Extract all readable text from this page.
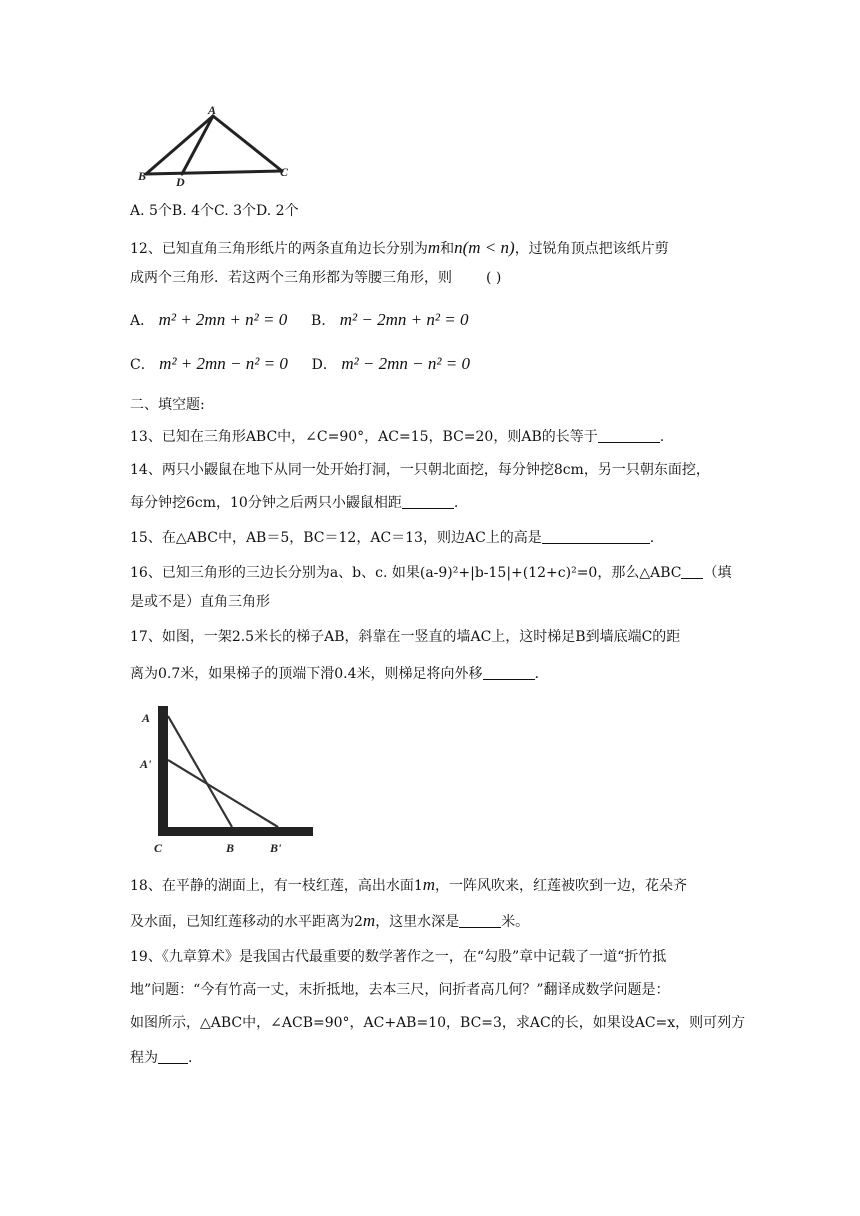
A
B D
C
A. 5个B. 4个C. 3个D. 2个
12、已知直角三角形纸片的两条直角边长分别为m和n(m < n)，过锐角顶点把该纸片剪
成两个三角形．若这两个三角形都为等腰三角形，则 ( )
A． m² + 2mn + n² = 0 B． m² − 2mn + n² = 0
C． m² + 2mn − n² = 0 D． m² − 2mn − n² = 0
二、填空题:
13、已知在三角形ABC中，∠C=90°，AC=15，BC=20，则AB的长等于	.
14、两只小鼹鼠在地下从同一处开始打洞，一只朝北面挖，每分钟挖8cm，另一只朝东面挖，
每分钟挖6cm，10分钟之后两只小鼹鼠相距	.
15、在△ABC中，AB＝5，BC＝12，AC＝13，则边AC上的高是	.
16、已知三角形的三边长分别为a、b、c. 如果(a-9)²+|b-15|+(12+c)²=0，那么△ABC （填
是或不是）直角三角形
17、如图，一架2.5米长的梯子AB，斜靠在一竖直的墙AC上，这时梯足B到墙底端C的距
离为0.7米，如果梯子的顶端下滑0.4米，则梯足将向外移	.
A
A'
C	B	B'
18、在平静的湖面上，有一枝红莲，高出水面1m，一阵风吹来，红莲被吹到一边，花朵齐
及水面，已知红莲移动的水平距离为2m，这里水深是	米。
19、《九章算术》是我国古代最重要的数学著作之一，在“勾股”章中记载了一道“折竹抵
地”问题：“今有竹高一丈，末折抵地，去本三尺，问折者高几何？”翻译成数学问题是：
如图所示，△ABC中，∠ACB=90°，AC+AB=10，BC=3，求AC的长，如果设AC=x，则可列方
程为 .
